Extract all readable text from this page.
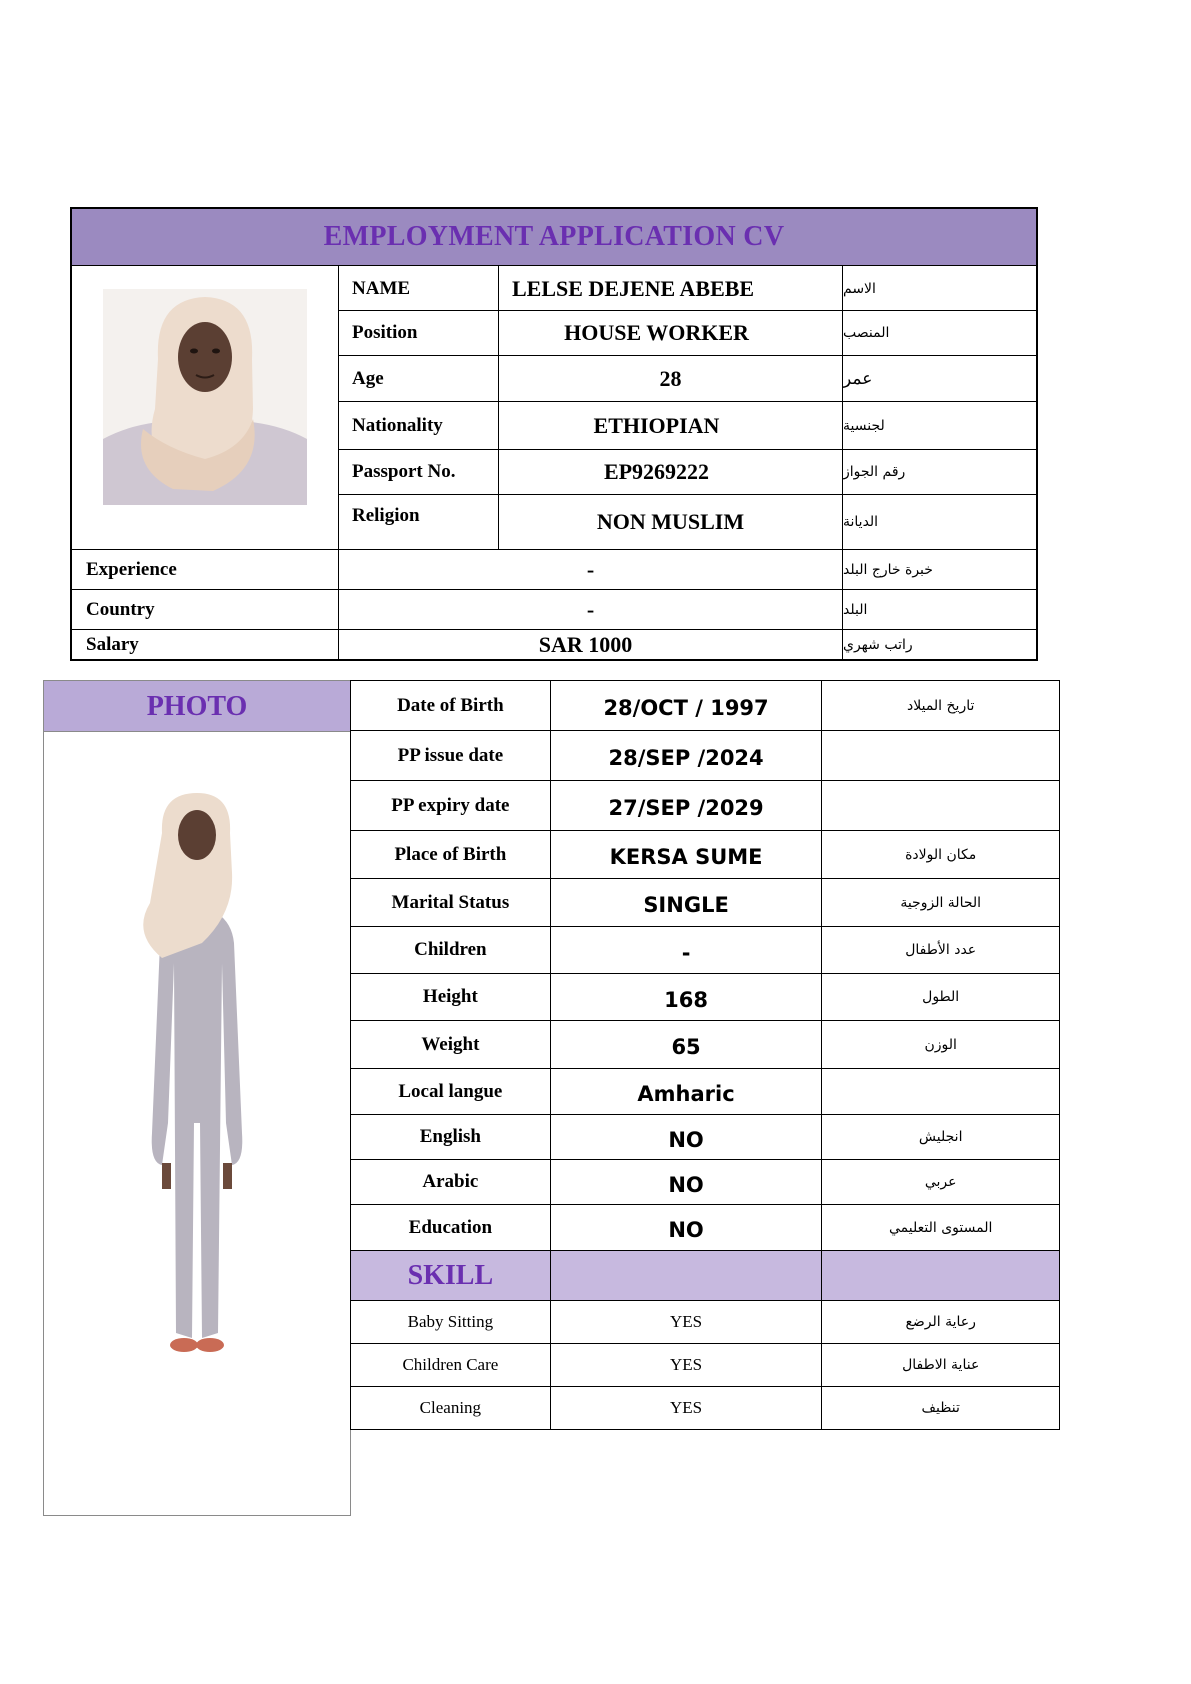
EMPLOYMENT APPLICATION CV
NAME	LELSE DEJENE ABEBE	الاسم
Position	HOUSE WORKER	المنصب
Age	28	عمر
Nationality	ETHIOPIAN	لجنسية
Passport No.	EP9269222	رقم الجواز
Religion	NON MUSLIM	الديانة
Experience	-	خبرة خارج البلد
Country	-	البلد
Salary	SAR 1000	راتب شهري
PHOTO	Date of Birth	28/OCT / 1997	تاريخ الميلاد
PP issue date	28/SEP /2024	
PP expiry date	27/SEP /2029	
Place of Birth	KERSA SUME	مكان الولادة
Marital Status	SINGLE	الحالة الزوجية
Children	-	عدد الأطفال
Height	168	الطول
Weight	65	الوزن
Local langue	Amharic	
English	NO	انجليش
Arabic	NO	عربي
Education	NO	المستوى التعليمي
SKILL		
Baby Sitting	YES	رعاية الرضع
Children Care	YES	عناية الاطفال
Cleaning	YES	تنظيف
